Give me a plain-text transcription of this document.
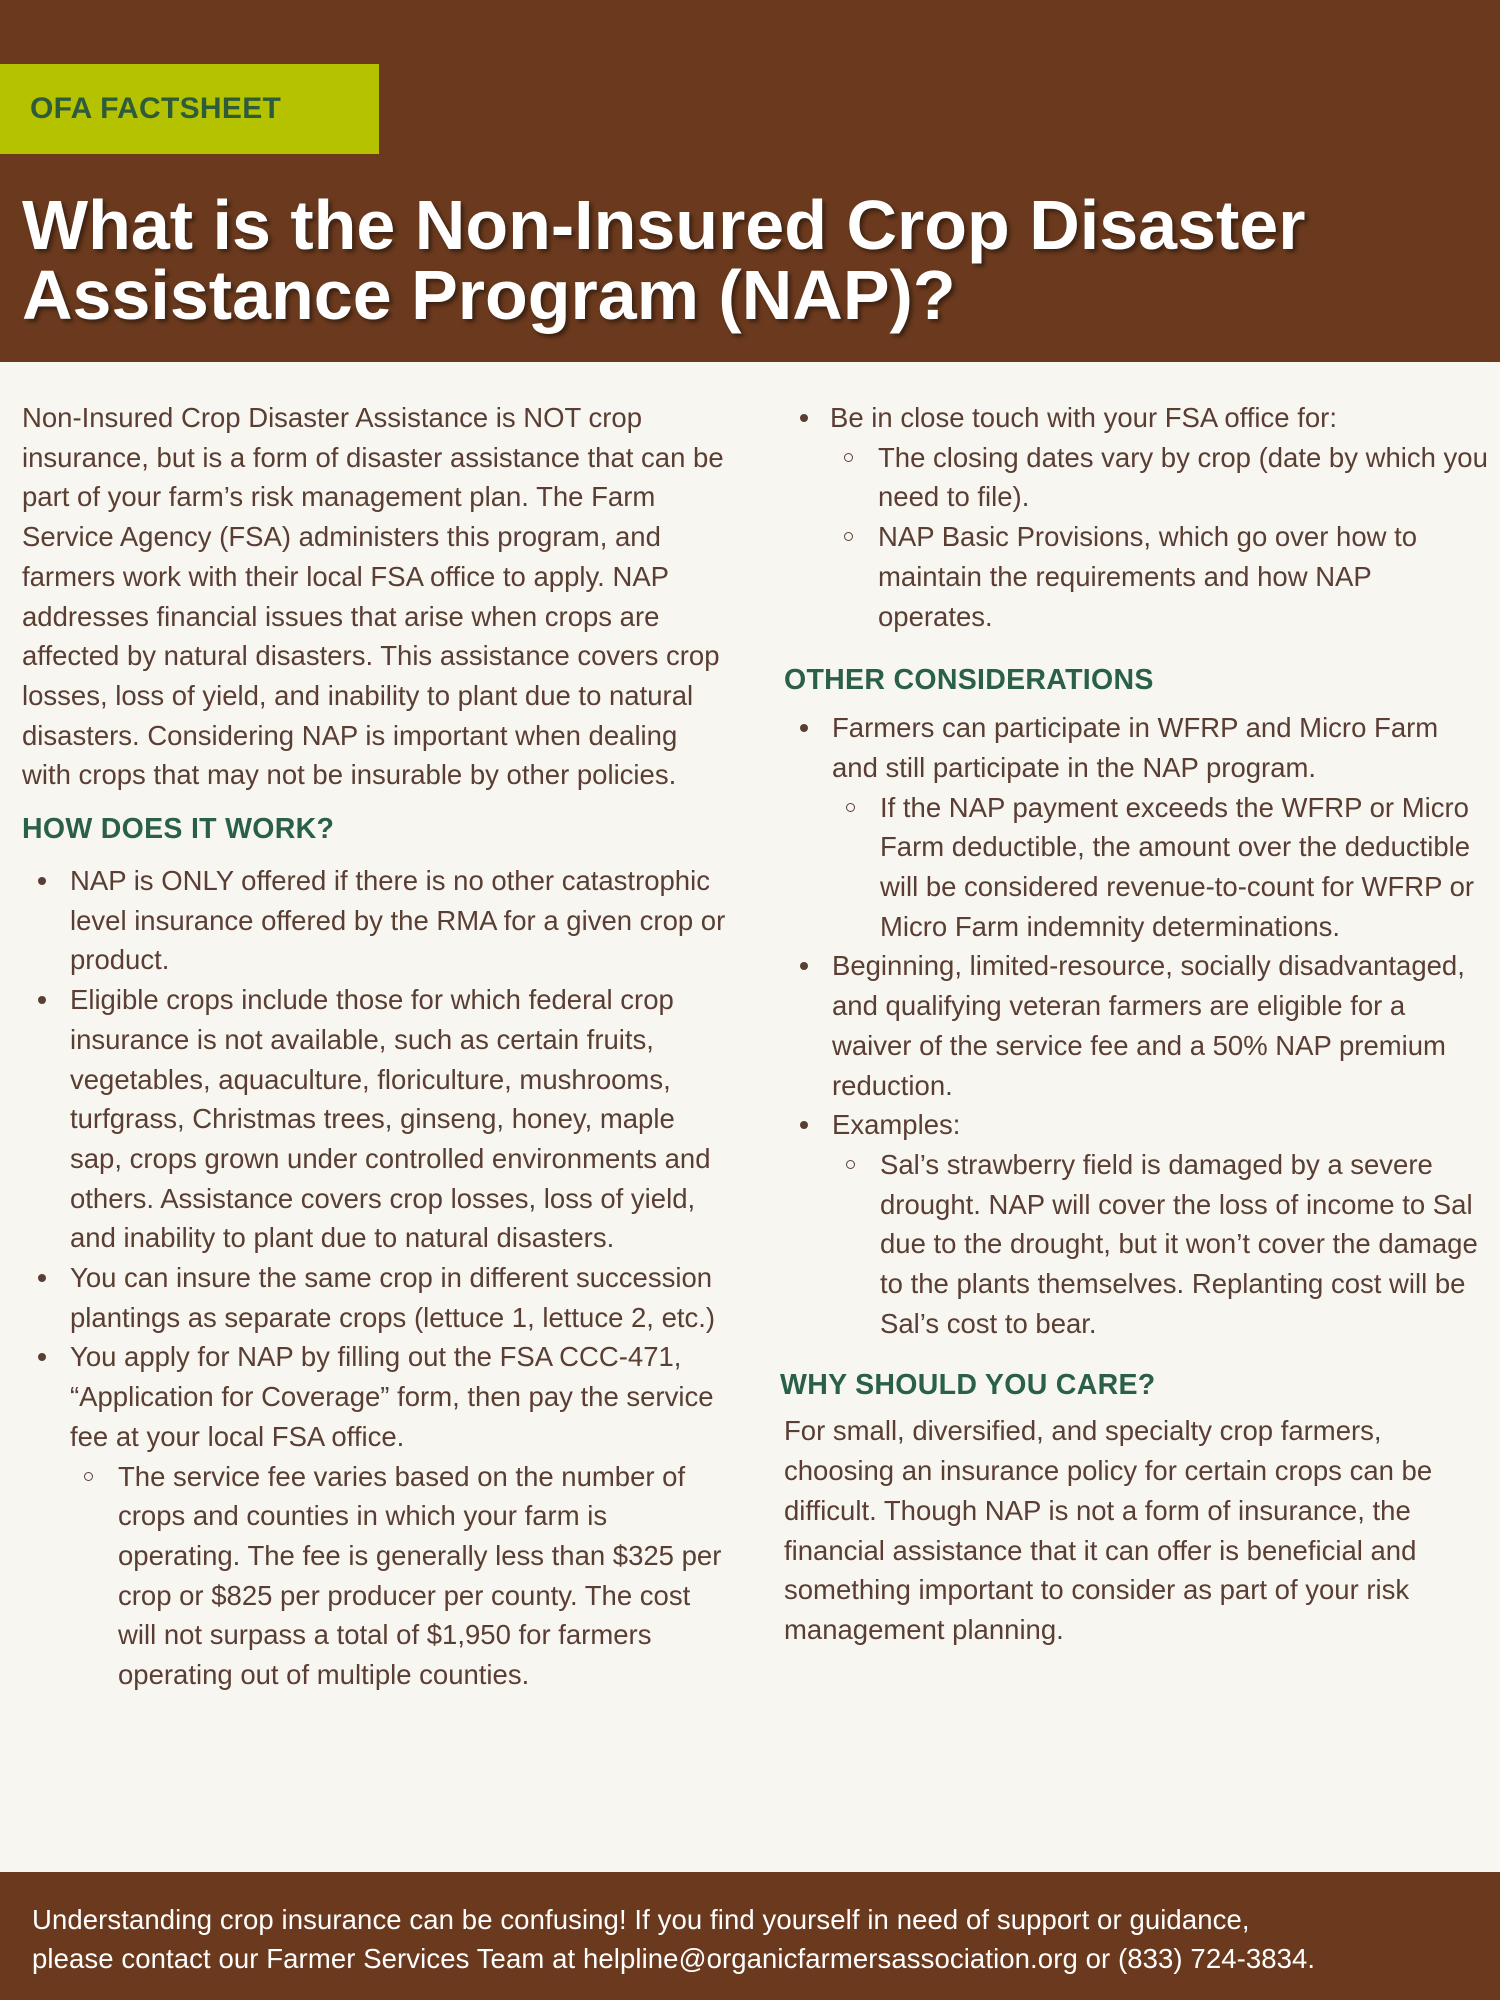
OFA FACTSHEET
What is the Non-Insured Crop Disaster Assistance Program (NAP)?

Non-Insured Crop Disaster Assistance is NOT crop insurance, but is a form of disaster assistance that can be part of your farm’s risk management plan. The Farm Service Agency (FSA) administers this program, and farmers work with their local FSA office to apply. NAP addresses financial issues that arise when crops are affected by natural disasters. This assistance covers crop losses, loss of yield, and inability to plant due to natural disasters. Considering NAP is important when dealing with crops that may not be insurable by other policies.

HOW DOES IT WORK?
NAP is ONLY offered if there is no other catastrophic level insurance offered by the RMA for a given crop or product.
Eligible crops include those for which federal crop insurance is not available, such as certain fruits, vegetables, aquaculture, floriculture, mushrooms, turfgrass, Christmas trees, ginseng, honey, maple sap, crops grown under controlled environments and others. Assistance covers crop losses, loss of yield, and inability to plant due to natural disasters.
You can insure the same crop in different succession plantings as separate crops (lettuce 1, lettuce 2, etc.)
You apply for NAP by filling out the FSA CCC-471, “Application for Coverage” form, then pay the service fee at your local FSA office.
The service fee varies based on the number of crops and counties in which your farm is operating. The fee is generally less than $325 per crop or $825 per producer per county. The cost will not surpass a total of $1,950 for farmers operating out of multiple counties.
Be in close touch with your FSA office for:
The closing dates vary by crop (date by which you need to file).
NAP Basic Provisions, which go over how to maintain the requirements and how NAP operates.
OTHER CONSIDERATIONS
Farmers can participate in WFRP and Micro Farm and still participate in the NAP program.
If the NAP payment exceeds the WFRP or Micro Farm deductible, the amount over the deductible will be considered revenue-to-count for WFRP or Micro Farm indemnity determinations.
Beginning, limited-resource, socially disadvantaged, and qualifying veteran farmers are eligible for a waiver of the service fee and a 50% NAP premium reduction.
Examples:
Sal’s strawberry field is damaged by a severe drought. NAP will cover the loss of income to Sal due to the drought, but it won’t cover the damage to the plants themselves. Replanting cost will be Sal’s cost to bear.
WHY SHOULD YOU CARE?

For small, diversified, and specialty crop farmers, choosing an insurance policy for certain crops can be difficult. Though NAP is not a form of insurance, the financial assistance that it can offer is beneficial and something important to consider as part of your risk management planning.

Understanding crop insurance can be confusing! If you find yourself in need of support or guidance,

please contact our Farmer Services Team at helpline@organicfarmersassociation.org or (833) 724-3834.
